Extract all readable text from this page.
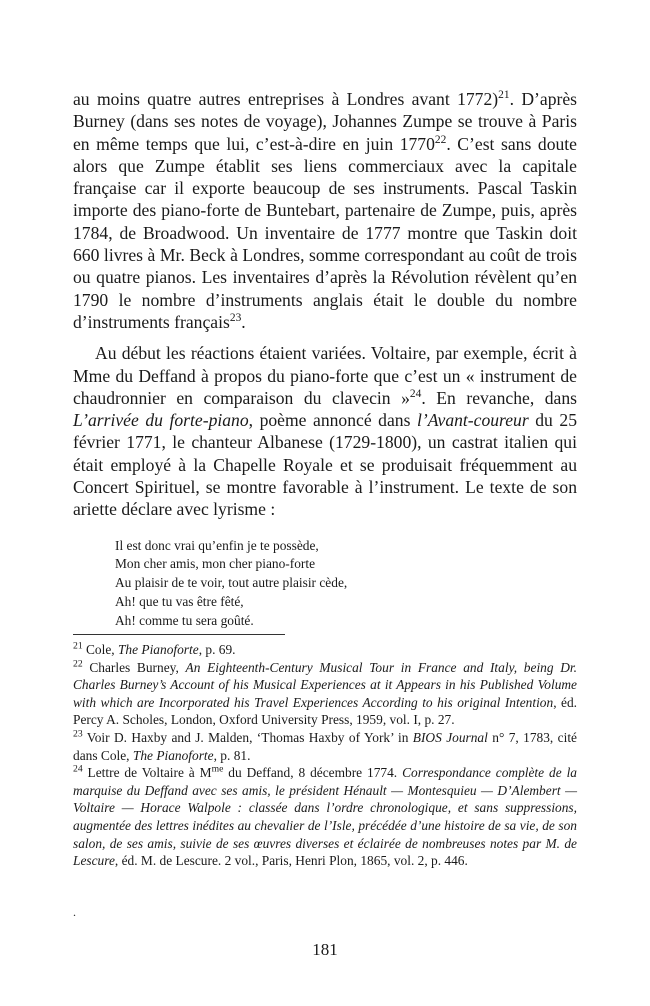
au moins quatre autres entreprises à Londres avant 1772)$^{21}$. D’après Burney (dans ses notes de voyage), Johannes Zumpe se trouve à Paris en même temps que lui, c’est-à-dire en juin 1770$^{22}$. C’est sans doute alors que Zumpe établit ses liens commerciaux avec la capitale française car il exporte beaucoup de ses instruments. Pascal Taskin importe des piano-forte de Buntebart, partenaire de Zumpe, puis, après 1784, de Broadwood. Un inventaire de 1777 montre que Taskin doit 660 livres à Mr. Beck à Londres, somme correspondant au coût de trois ou quatre pianos. Les inventaires d’après la Révolution révèlent qu’en 1790 le nombre d’instruments anglais était le double du nombre d’instruments français$^{23}$.

Au début les réactions étaient variées. Voltaire, par exemple, écrit à Mme du Deffand à propos du piano-forte que c’est un « instrument de chaudronnier en comparaison du clavecin »$^{24}$. En revanche, dans L’arrivée du forte-piano, poème annoncé dans l’Avant-coureur du 25 février 1771, le chanteur Albanese (1729-1800), un castrat italien qui était employé à la Chapelle Royale et se produisait fréquemment au Concert Spirituel, se montre favorable à l’instrument. Le texte de son ariette déclare avec lyrisme :

Il est donc vrai qu’enfin je te possède,
Mon cher amis, mon cher piano-forte
Au plaisir de te voir, tout autre plaisir cède,
Ah! que tu vas être fêté,
Ah! comme tu sera goûté.

$^{21}$ Cole, The Pianoforte, p. 69.

$^{22}$ Charles Burney, An Eighteenth-Century Musical Tour in France and Italy, being Dr. Charles Burney’s Account of his Musical Experiences at it Appears in his Published Volume with which are Incorporated his Travel Experiences According to his original Intention, éd. Percy A. Scholes, London, Oxford University Press, 1959, vol. I, p. 27.

$^{23}$ Voir D. Haxby and J. Malden, ‘Thomas Haxby of York’ in BIOS Journal n° 7, 1783, cité dans Cole, The Pianoforte, p. 81.

$^{24}$ Lettre de Voltaire à $M^{me}$ du Deffand, 8 décembre 1774. Correspondance complète de la marquise du Deffand avec ses amis, le président Hénault — Montesquieu — D’Alembert — Voltaire — Horace Walpole : classée dans l’ordre chronologique, et sans suppressions, augmentée des lettres inédites au chevalier de l’Isle, précédée d’une histoire de sa vie, de son salon, de ses amis, suivie de ses œuvres diverses et éclairée de nombreuses notes par M. de Lescure, éd. M. de Lescure. 2 vol., Paris, Henri Plon, 1865, vol. 2, p. 446.

.
181
